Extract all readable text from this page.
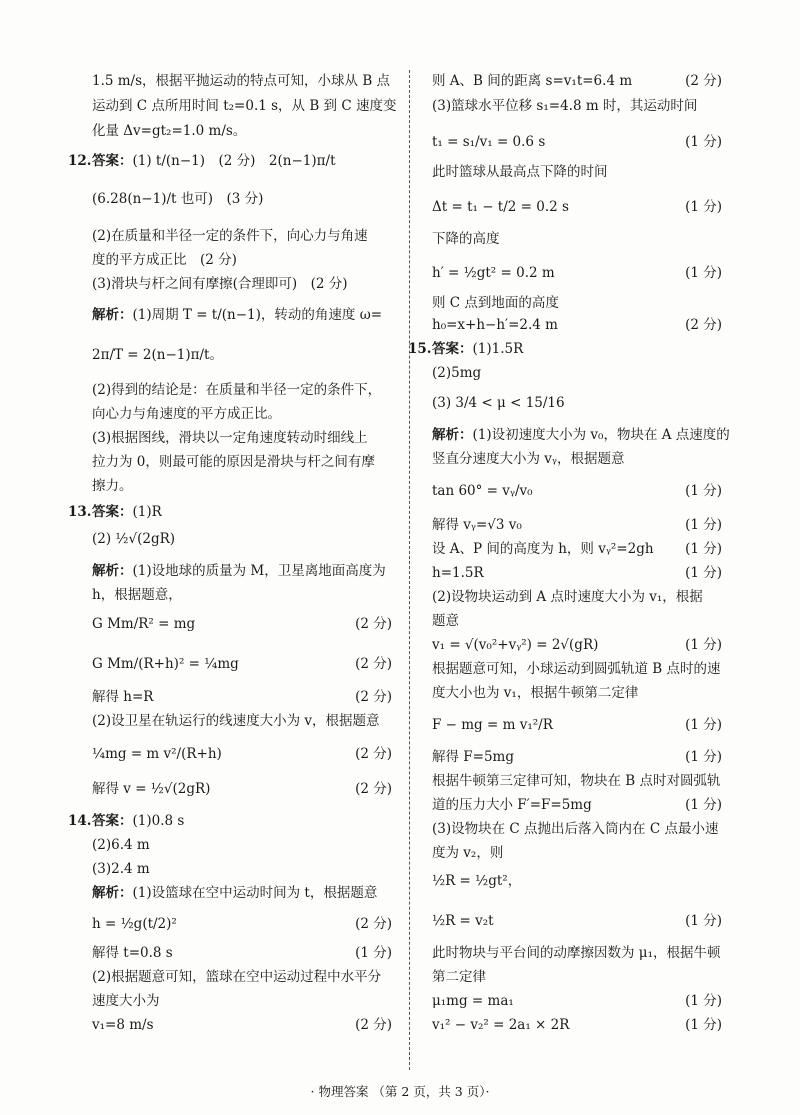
1.5 m/s，根据平抛运动的特点可知，小球从 B 点
运动到 C 点所用时间 t₂=0.1 s，从 B 到 C 速度变
化量 Δv=gt₂=1.0 m/s。
12. 答案：(1) t/(n−1)　(2 分)　2(n−1)π/t
(6.28(n−1)/t 也可)　(3 分)
(2)在质量和半径一定的条件下，向心力与角速
度的平方成正比　(2 分)
(3)滑块与杆之间有摩擦(合理即可)　(2 分)
解析：(1)周期 T = t/(n−1)，转动的角速度 ω=
2π/T = 2(n−1)π/t。
(2)得到的结论是：在质量和半径一定的条件下，
向心力与角速度的平方成正比。
(3)根据图线，滑块以一定角速度转动时细线上
拉力为 0，则最可能的原因是滑块与杆之间有摩
擦力。
13. 答案：(1)R
(2) ½√(2gR)
解析：(1)设地球的质量为 M，卫星离地面高度为
h，根据题意，
G Mm/R² = mg	(2 分)
G Mm/(R+h)² = ¼mg	(2 分)
解得 h=R	(2 分)
(2)设卫星在轨运行的线速度大小为 v，根据题意
¼mg = m v²/(R+h)	(2 分)
解得 v = ½√(2gR)	(2 分)
14. 答案：(1)0.8 s
(2)6.4 m
(3)2.4 m
解析：(1)设篮球在空中运动时间为 t，根据题意
h = ½g(t/2)²	(2 分)
解得 t=0.8 s	(1 分)
(2)根据题意可知，篮球在空中运动过程中水平分
速度大小为
v₁=8 m/s	(2 分)
则 A、B 间的距离 s=v₁t=6.4 m	(2 分)
(3)篮球水平位移 s₁=4.8 m 时，其运动时间
t₁ = s₁/v₁ = 0.6 s	(1 分)
此时篮球从最高点下降的时间
Δt = t₁ − t/2 = 0.2 s	(1 分)
下降的高度
h′ = ½gt² = 0.2 m	(1 分)
则 C 点到地面的高度
h₀=x+h−h′=2.4 m	(2 分)
15. 答案：(1)1.5R
(2)5mg
(3) 3/4 < μ < 15/16
解析：(1)设初速度大小为 v₀，物块在 A 点速度的
竖直分速度大小为 vᵧ，根据题意
tan 60° = vᵧ/v₀	(1 分)
解得 vᵧ=√3 v₀	(1 分)
设 A、P 间的高度为 h，则 vᵧ²=2gh (1 分)
h=1.5R	(1 分)
(2)设物块运动到 A 点时速度大小为 v₁，根据
题意
v₁ = √(v₀²+vᵧ²) = 2√(gR)	(1 分)
根据题意可知，小球运动到圆弧轨道 B 点时的速
度大小也为 v₁，根据牛顿第二定律
F − mg = m v₁²/R	(1 分)
解得 F=5mg	(1 分)
根据牛顿第三定律可知，物块在 B 点时对圆弧轨
道的压力大小 F′=F=5mg	(1 分)
(3)设物块在 C 点抛出后落入筒内在 C 点最小速
度为 v₂，则
½R = ½gt²，
½R = v₂t	(1 分)
此时物块与平台间的动摩擦因数为 μ₁，根据牛顿
第二定律
μ₁mg = ma₁	(1 分)
v₁² − v₂² = 2a₁ × 2R	(1 分)
· 物理答案 （第 2 页，共 3 页）·
